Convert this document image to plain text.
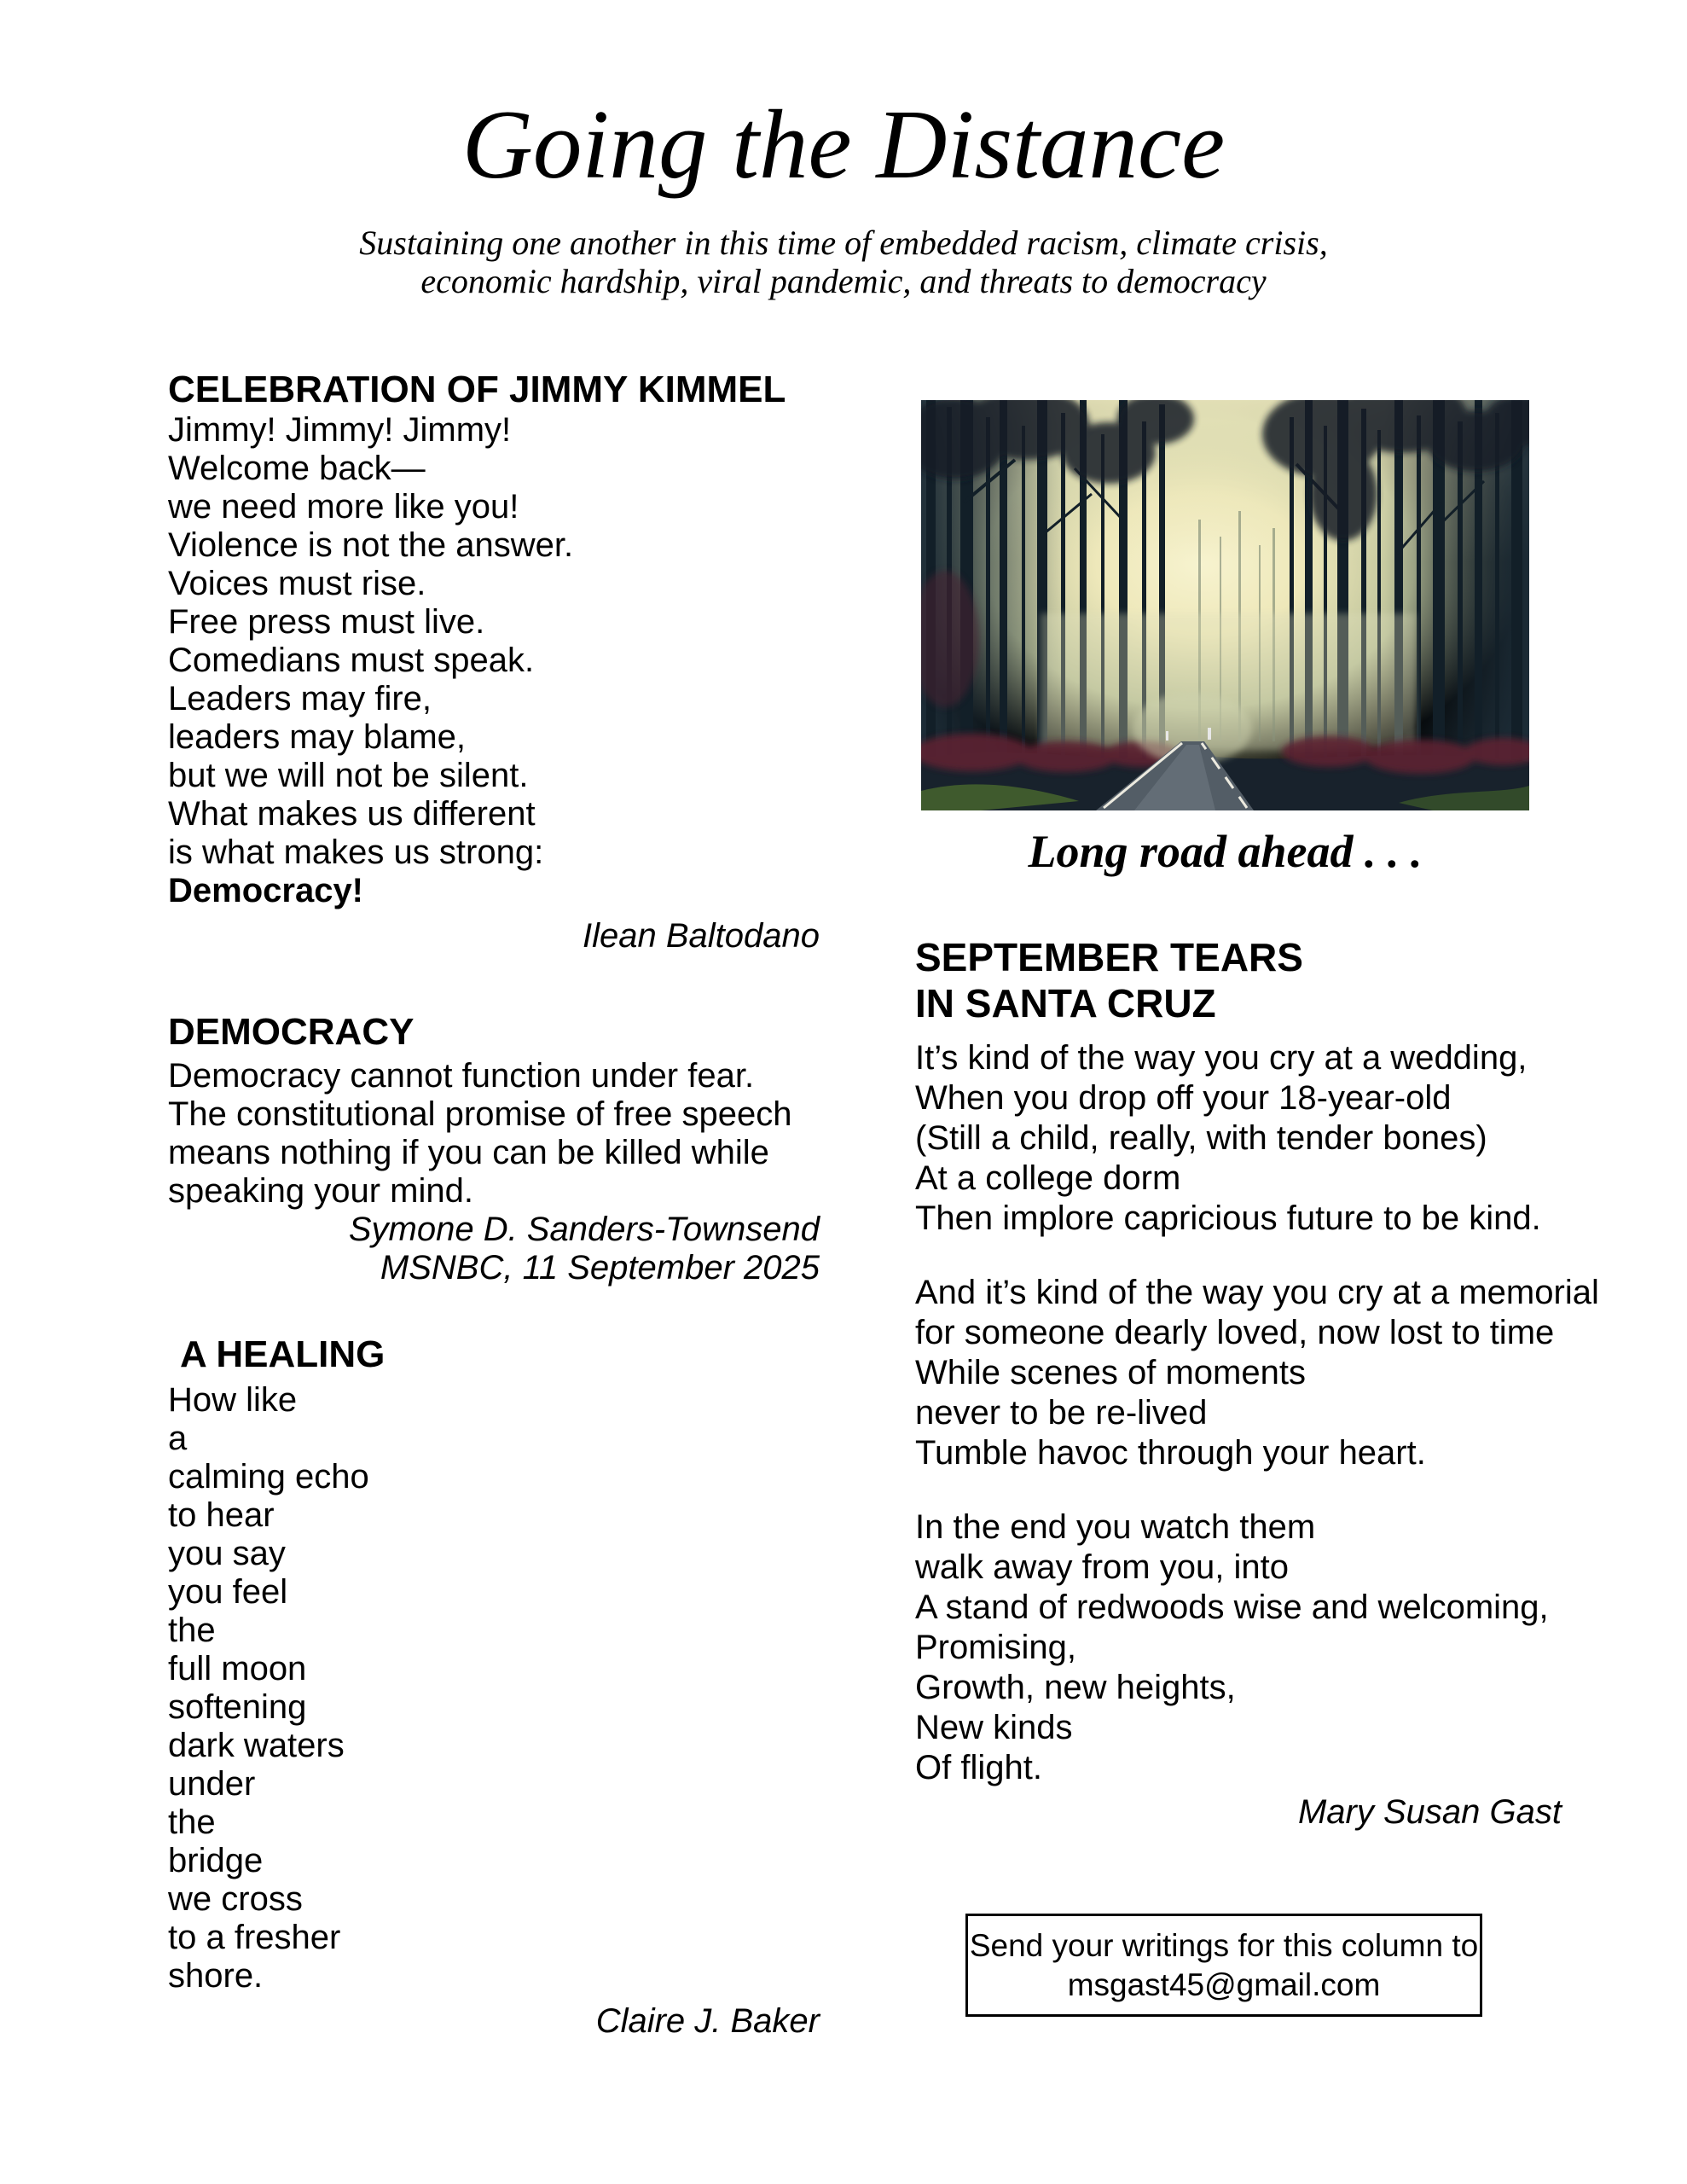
Going the Distance
Sustaining one another in this time of embedded racism, climate crisis,
economic hardship, viral pandemic, and threats to democracy
CELEBRATION OF JIMMY KIMMEL
Jimmy! Jimmy! Jimmy!
Welcome back—
we need more like you!
Violence is not the answer.
Voices must rise.
Free press must live.
Comedians must speak.
Leaders may fire,
leaders may blame,
but we will not be silent.
What makes us different
is what makes us strong:
Democracy!
Ilean Baltodano
DEMOCRACY
Democracy cannot function under fear.
The constitutional promise of free speech
means nothing if you can be killed while
speaking your mind.
Symone D. Sanders-Townsend
MSNBC, 11 September 2025
A HEALING
How like
a
calming echo
to hear
you say
you feel
the
full moon
softening
dark waters
under
the
bridge
we cross
to a fresher
shore.
Claire J. Baker
Long road ahead . . .
SEPTEMBER TEARS
IN SANTA CRUZ
It’s kind of the way you cry at a wedding,
When you drop off your 18-year-old
(Still a child, really, with tender bones)
At a college dorm
Then implore capricious future to be kind.
And it’s kind of the way you cry at a memorial
for someone dearly loved, now lost to time
While scenes of moments
never to be re-lived
Tumble havoc through your heart.
In the end you watch them
walk away from you, into
A stand of redwoods wise and welcoming,
Promising,
Growth, new heights,
New kinds
Of flight.
Mary Susan Gast
Send your writings for this column to
msgast45@gmail.com
